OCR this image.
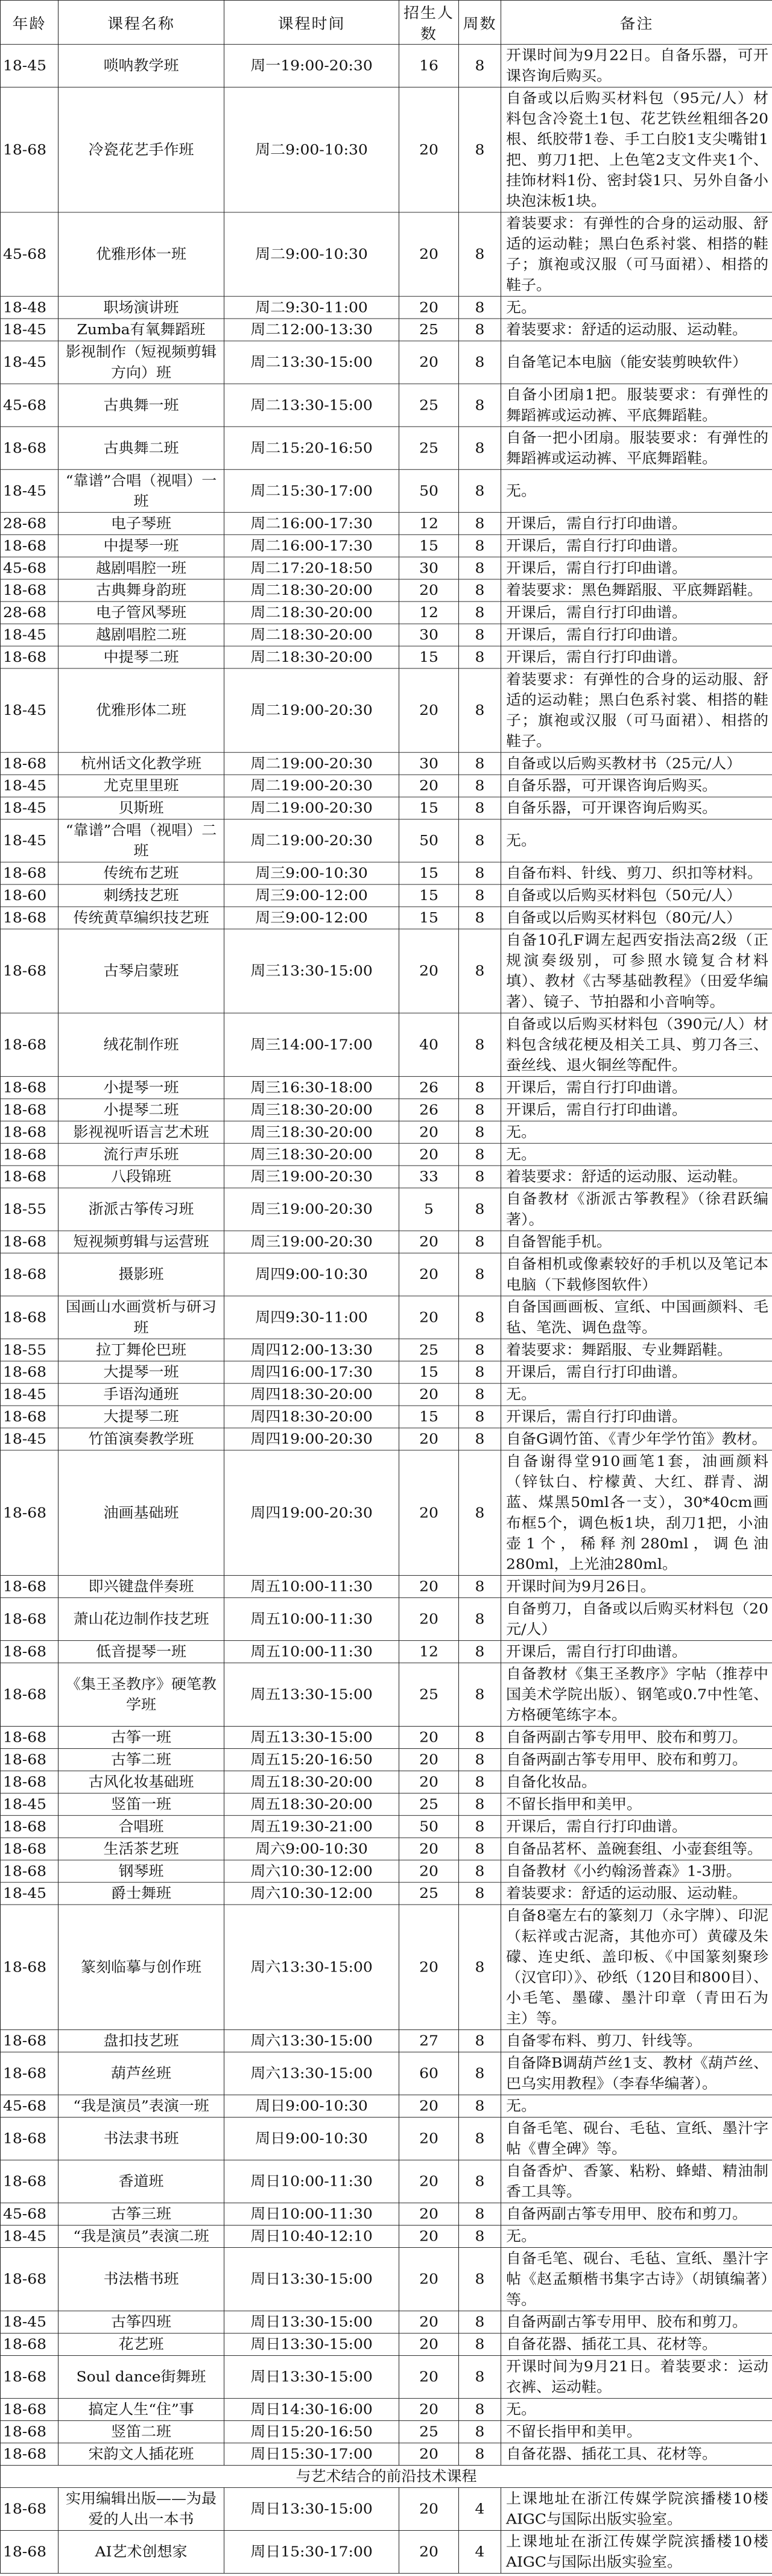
年龄	课程名称	课程时间	招生人数	周数	备注
18-45	唢呐教学班	周一19:00-20:30	16	8	开课时间为9月22日。自备乐器，可开课咨询后购买。
18-68	冷瓷花艺手作班	周二9:00-10:30	20	8	自备或以后购买材料包（95元/人）材料包含冷瓷土1包、花艺铁丝粗细各20根、纸胶带1卷、手工白胶1支尖嘴钳1把、剪刀1把、上色笔2支文件夹1个、挂饰材料1份、密封袋1只、另外自备小块泡沫板1块。
45-68	优雅形体一班	周二9:00-10:30	20	8	着装要求：有弹性的合身的运动服、舒适的运动鞋；黑白色系衬裳、相搭的鞋子；旗袍或汉服（可马面裙）、相搭的鞋子。
18-48	职场演讲班	周二9:30-11:00	20	8	无。
18-45	Zumba有氧舞蹈班	周二12:00-13:30	25	8	着装要求：舒适的运动服、运动鞋。
18-45	影视制作（短视频剪辑方向）班	周二13:30-15:00	20	8	自备笔记本电脑（能安装剪映软件）
45-68	古典舞一班	周二13:30-15:00	25	8	自备小团扇1把。服装要求：有弹性的舞蹈裤或运动裤、平底舞蹈鞋。
18-68	古典舞二班	周二15:20-16:50	25	8	自备一把小团扇。服装要求：有弹性的舞蹈裤或运动裤、平底舞蹈鞋。
18-45	“靠谱”合唱（视唱）一班	周二15:30-17:00	50	8	无。
28-68	电子琴班	周二16:00-17:30	12	8	开课后，需自行打印曲谱。
18-68	中提琴一班	周二16:00-17:30	15	8	开课后，需自行打印曲谱。
45-68	越剧唱腔一班	周二17:20-18:50	30	8	开课后，需自行打印曲谱。
18-68	古典舞身韵班	周二18:30-20:00	20	8	着装要求：黑色舞蹈服、平底舞蹈鞋。
28-68	电子管风琴班	周二18:30-20:00	12	8	开课后，需自行打印曲谱。
18-45	越剧唱腔二班	周二18:30-20:00	30	8	开课后，需自行打印曲谱。
18-68	中提琴二班	周二18:30-20:00	15	8	开课后，需自行打印曲谱。
18-45	优雅形体二班	周二19:00-20:30	20	8	着装要求：有弹性的合身的运动服、舒适的运动鞋；黑白色系衬裳、相搭的鞋子；旗袍或汉服（可马面裙）、相搭的鞋子。
18-68	杭州话文化教学班	周二19:00-20:30	30	8	自备或以后购买教材书（25元/人）
18-45	尤克里里班	周二19:00-20:30	20	8	自备乐器，可开课咨询后购买。
18-45	贝斯班	周二19:00-20:30	15	8	自备乐器，可开课咨询后购买。
18-45	“靠谱”合唱（视唱）二班	周二19:00-20:30	50	8	无。
18-68	传统布艺班	周三9:00-10:30	15	8	自备布料、针线、剪刀、织扣等材料。
18-60	刺绣技艺班	周三9:00-12:00	15	8	自备或以后购买材料包（50元/人）
18-68	传统黄草编织技艺班	周三9:00-12:00	15	8	自备或以后购买材料包（80元/人）
18-68	古琴启蒙班	周三13:30-15:00	20	8	自备10孔F调左起西安指法高2级（正规演奏级别，可参照水镜复合材料填）、教材《古琴基础教程》（田爱华编著）、镜子、节拍器和小音响等。
18-68	绒花制作班	周三14:00-17:00	40	8	自备或以后购买材料包（390元/人）材料包含绒花梗及相关工具、剪刀各三、蚕丝线、退火铜丝等配件。
18-68	小提琴一班	周三16:30-18:00	26	8	开课后，需自行打印曲谱。
18-68	小提琴二班	周三18:30-20:00	26	8	开课后，需自行打印曲谱。
18-68	影视视听语言艺术班	周三18:30-20:00	20	8	无。
18-68	流行声乐班	周三18:30-20:00	20	8	无。
18-68	八段锦班	周三19:00-20:30	33	8	着装要求：舒适的运动服、运动鞋。
18-55	浙派古筝传习班	周三19:00-20:30	5	8	自备教材《浙派古筝教程》（徐君跃编著）。
18-68	短视频剪辑与运营班	周三19:00-20:30	20	8	自备智能手机。
18-68	摄影班	周四9:00-10:30	20	8	自备相机或像素较好的手机以及笔记本电脑（下载修图软件）
18-68	国画山水画赏析与研习班	周四9:30-11:00	20	8	自备国画画板、宣纸、中国画颜料、毛毡、笔洗、调色盘等。
18-55	拉丁舞伦巴班	周四12:00-13:30	25	8	着装要求：舞蹈服、专业舞蹈鞋。
18-68	大提琴一班	周四16:00-17:30	15	8	开课后，需自行打印曲谱。
18-45	手语沟通班	周四18:30-20:00	20	8	无。
18-68	大提琴二班	周四18:30-20:00	15	8	开课后，需自行打印曲谱。
18-45	竹笛演奏教学班	周四19:00-20:30	20	8	自备G调竹笛、《青少年学竹笛》教材。
18-68	油画基础班	周四19:00-20:30	20	8	自备谢得堂910画笔1套，油画颜料（锌钛白、柠檬黄、大红、群青、湖蓝、煤黑50ml各一支），30*40cm画布框5个，调色板1块，刮刀1把，小油壶1个，稀释剂280ml，调色油280ml，上光油280ml。
18-68	即兴键盘伴奏班	周五10:00-11:30	20	8	开课时间为9月26日。
18-68	萧山花边制作技艺班	周五10:00-11:30	20	8	自备剪刀，自备或以后购买材料包（20元/人）
18-68	低音提琴一班	周五10:00-11:30	12	8	开课后，需自行打印曲谱。
18-68	《集王圣教序》硬笔教学班	周五13:30-15:00	25	8	自备教材《集王圣教序》字帖（推荐中国美术学院出版）、钢笔或0.7中性笔、方格硬笔练字本。
18-68	古筝一班	周五13:30-15:00	20	8	自备两副古筝专用甲、胶布和剪刀。
18-68	古筝二班	周五15:20-16:50	20	8	自备两副古筝专用甲、胶布和剪刀。
18-68	古风化妆基础班	周五18:30-20:00	20	8	自备化妆品。
18-45	竖笛一班	周五18:30-20:00	25	8	不留长指甲和美甲。
18-68	合唱班	周五19:30-21:00	50	8	开课后，需自行打印曲谱。
18-68	生活茶艺班	周六9:00-10:30	20	8	自备品茗杯、盖碗套组、小壶套组等。
18-68	钢琴班	周六10:30-12:00	20	8	自备教材《小约翰汤普森》1-3册。
18-45	爵士舞班	周六10:30-12:00	25	8	着装要求：舒适的运动服、运动鞋。
18-68	篆刻临摹与创作班	周六13:30-15:00	20	8	自备8毫左右的篆刻刀（永字牌）、印泥（耘祥或古泥斋，其他亦可）黄礞及朱礞、连史纸、盖印板、《中国篆刻聚珍（汉官印）》、砂纸（120目和800目）、小毛笔、墨礞、墨汁印章（青田石为主）等。
18-68	盘扣技艺班	周六13:30-15:00	27	8	自备零布料、剪刀、针线等。
18-68	葫芦丝班	周六13:30-15:00	60	8	自备降B调葫芦丝1支、教材《葫芦丝、巴乌实用教程》（李春华编著）。
45-68	“我是演员”表演一班	周日9:00-10:30	20	8	无。
18-68	书法隶书班	周日9:00-10:30	20	8	自备毛笔、砚台、毛毡、宣纸、墨汁字帖《曹全碑》等。
18-68	香道班	周日10:00-11:30	20	8	自备香炉、香篆、粘粉、蜂蜡、精油制香工具等。
45-68	古筝三班	周日10:00-11:30	20	8	自备两副古筝专用甲、胶布和剪刀。
18-45	“我是演员”表演二班	周日10:40-12:10	20	8	无。
18-68	书法楷书班	周日13:30-15:00	20	8	自备毛笔、砚台、毛毡、宣纸、墨汁字帖《赵孟頫楷书集字古诗》（胡镇编著）等。
18-45	古筝四班	周日13:30-15:00	20	8	自备两副古筝专用甲、胶布和剪刀。
18-68	花艺班	周日13:30-15:00	20	8	自备花器、插花工具、花材等。
18-68	Soul dance街舞班	周日13:30-15:00	20	8	开课时间为9月21日。着装要求：运动衣裤、运动鞋。
18-68	搞定人生“住”事	周日14:30-16:00	20	8	无。
18-68	竖笛二班	周日15:20-16:50	25	8	不留长指甲和美甲。
18-68	宋韵文人插花班	周日15:30-17:00	20	8	自备花器、插花工具、花材等。
与艺术结合的前沿技术课程					
18-68	实用编辑出版——为最爱的人出一本书	周日13:30-15:00	20	4	上课地址在浙江传媒学院滨播楼10楼AIGC与国际出版实验室。
18-68	AI艺术创想家	周日15:30-17:00	20	4	上课地址在浙江传媒学院滨播楼10楼AIGC与国际出版实验室。
